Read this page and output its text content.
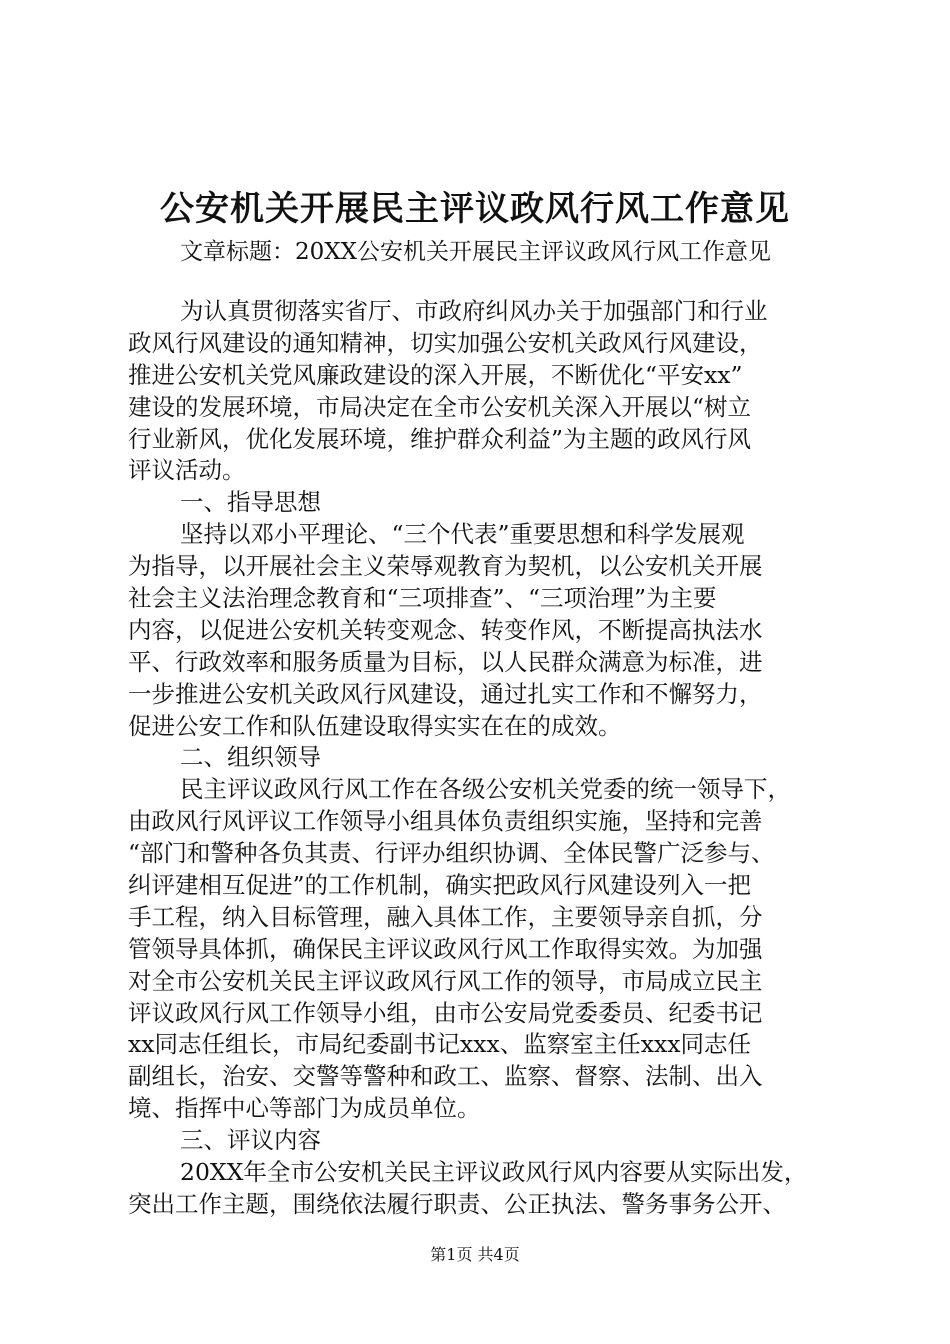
公安机关开展民主评议政风行风工作意见
文章标题：20XX公安机关开展民主评议政风行风工作意见
为认真贯彻落实省厅、市政府纠风办关于加强部门和行业
政风行风建设的通知精神，切实加强公安机关政风行风建设，
推进公安机关党风廉政建设的深入开展，不断优化“平安xx”
建设的发展环境，市局决定在全市公安机关深入开展以“树立
行业新风，优化发展环境，维护群众利益”为主题的政风行风
评议活动。
一、指导思想
坚持以邓小平理论、“三个代表”重要思想和科学发展观
为指导，以开展社会主义荣辱观教育为契机，以公安机关开展
社会主义法治理念教育和“三项排查”、“三项治理”为主要
内容，以促进公安机关转变观念、转变作风，不断提高执法水
平、行政效率和服务质量为目标，以人民群众满意为标准，进
一步推进公安机关政风行风建设，通过扎实工作和不懈努力，
促进公安工作和队伍建设取得实实在在的成效。
二、组织领导
民主评议政风行风工作在各级公安机关党委的统一领导下，
由政风行风评议工作领导小组具体负责组织实施，坚持和完善
“部门和警种各负其责、行评办组织协调、全体民警广泛参与、
纠评建相互促进”的工作机制，确实把政风行风建设列入一把
手工程，纳入目标管理，融入具体工作，主要领导亲自抓，分
管领导具体抓，确保民主评议政风行风工作取得实效。为加强
对全市公安机关民主评议政风行风工作的领导，市局成立民主
评议政风行风工作领导小组，由市公安局党委委员、纪委书记
xx同志任组长，市局纪委副书记xxx、监察室主任xxx同志任
副组长，治安、交警等警种和政工、监察、督察、法制、出入
境、指挥中心等部门为成员单位。
三、评议内容
20XX年全市公安机关民主评议政风行风内容要从实际出发，
突出工作主题，围绕依法履行职责、公正执法、警务事务公开、
第1页 共4页
